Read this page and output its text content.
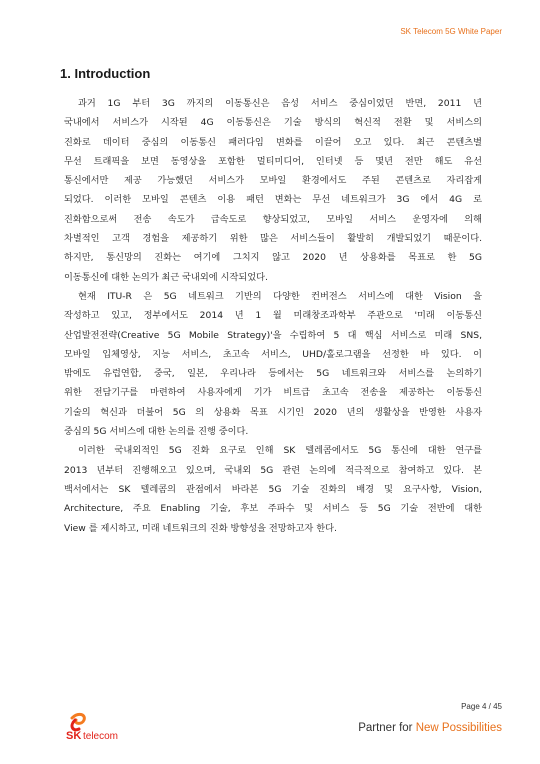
SK Telecom 5G White Paper
1. Introduction

과거 1G 부터 3G 까지의 이동통신은 음성 서비스 중심이었던 반면, 2011 년
국내에서 서비스가 시작된 4G 이동통신은 기술 방식의 혁신적 전환 및 서비스의
진화로 데이터 중심의 이동통신 패러다임 변화를 이끌어 오고 있다. 최근 콘텐츠별
무선 트래픽을 보면 동영상을 포함한 멀티미디어, 인터넷 등 몇년 전만 해도 유선
통신에서만 제공 가능했던 서비스가 모바일 환경에서도 주된 콘텐츠로 자리잡게
되었다. 이러한 모바일 콘텐츠 이용 패턴 변화는 무선 네트워크가 3G 에서 4G 로
진화함으로써 전송 속도가 급속도로 향상되었고, 모바일 서비스 운영자에 의해
차별적인 고객 경험을 제공하기 위한 많은 서비스들이 활발히 개발되었기 때문이다.
하지만, 통신망의 진화는 여기에 그치지 않고 2020 년 상용화를 목표로 한 5G
이동통신에 대한 논의가 최근 국내외에 시작되었다.

현재 ITU-R 은 5G 네트워크 기반의 다양한 컨버전스 서비스에 대한 Vision 을
작성하고 있고, 정부에서도 2014 년 1 월 미래창조과학부 주관으로 '미래 이동통신
산업발전전략(Creative 5G Mobile Strategy)'을 수립하여 5 대 핵심 서비스로 미래 SNS,
모바일 입체영상, 지능 서비스, 초고속 서비스, UHD/홀로그램을 선정한 바 있다. 이
밖에도 유럽연합, 중국, 일본, 우리나라 등에서는 5G 네트워크와 서비스를 논의하기
위한 전담기구를 마련하여 사용자에게 기가 비트급 초고속 전송을 제공하는 이동통신
기술의 혁신과 더불어 5G 의 상용화 목표 시기인 2020 년의 생활상을 반영한 사용자
중심의 5G 서비스에 대한 논의를 진행 중이다.

이러한 국내외적인 5G 진화 요구로 인해 SK 텔레콤에서도 5G 통신에 대한 연구를
2013 년부터 진행해오고 있으며, 국내외 5G 관련 논의에 적극적으로 참여하고 있다. 본
백서에서는 SK 텔레콤의 관점에서 바라본 5G 기술 진화의 배경 및 요구사항, Vision,
Architecture, 주요 Enabling 기술, 후보 주파수 및 서비스 등 5G 기술 전반에 대한
View 를 제시하고, 미래 네트워크의 진화 방향성을 전망하고자 한다.

Page 4 / 45
SK telecom
Partner for New Possibilities
